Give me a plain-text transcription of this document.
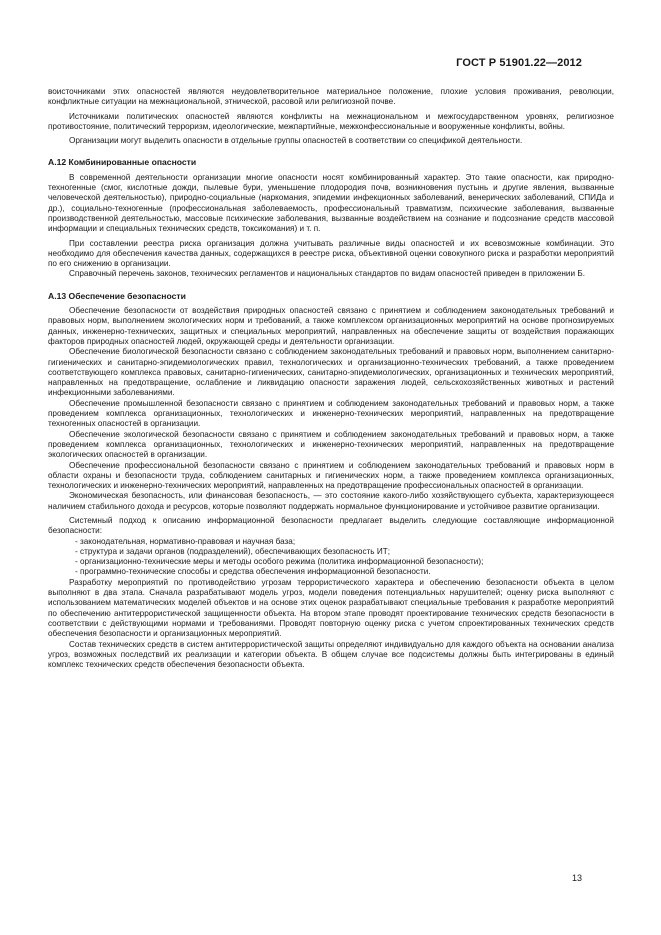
ГОСТ Р 51901.22—2012

воисточниками этих опасностей являются неудовлетворительное материальное положение, плохие условия проживания, революции, конфликтные ситуации на межнациональной, этнической, расовой или религиозной почве.

Источниками политических опасностей являются конфликты на межнациональном и межгосударственном уровнях, религиозное противостояние, политический терроризм, идеологические, межпартийные, межконфессиональные и вооруженные конфликты, войны.

Организации могут выделить опасности в отдельные группы опасностей в соответствии со спецификой деятельности.

А.12 Комбинированные опасности

В современной деятельности организации многие опасности носят комбинированный характер. Это такие опасности, как природно-техногенные (смог, кислотные дожди, пылевые бури, уменьшение плодородия почв, возникновения пустынь и другие явления, вызванные человеческой деятельностью), природно-социальные (наркомания, эпидемии инфекционных заболеваний, венерических заболеваний, СПИДа и др.), социально-техногенные (профессиональная заболеваемость, профессиональный травматизм, психические заболевания, вызванные производственной деятельностью, массовые психические заболевания, вызванные воздействием на сознание и подсознание средств массовой информации и специальных технических средств, токсикомания) и т. п.

При составлении реестра риска организация должна учитывать различные виды опасностей и их всевозможные комбинации. Это необходимо для обеспечения качества данных, содержащихся в реестре риска, объективной оценки совокупного риска и разработки мероприятий по его снижению в организации.

Справочный перечень законов, технических регламентов и национальных стандартов по видам опасностей приведен в приложении Б.

А.13 Обеспечение безопасности

Обеспечение безопасности от воздействия природных опасностей связано с принятием и соблюдением законодательных требований и правовых норм, выполнением экологических норм и требований, а также комплексом организационных мероприятий на основе прогнозируемых данных, инженерно-технических, защитных и специальных мероприятий, направленных на обеспечение защиты от воздействия поражающих факторов природных опасностей людей, окружающей среды и деятельности организации.

Обеспечение биологической безопасности связано с соблюдением законодательных требований и правовых норм, выполнением санитарно-гигиенических и санитарно-эпидемиологических правил, технологических и организационно-технических требований, а также проведением соответствующего комплекса правовых, санитарно-гигиенических, санитарно-эпидемиологических, организационных и технических мероприятий, направленных на предотвращение, ослабление и ликвидацию опасности заражения людей, сельскохозяйственных животных и растений инфекционными заболеваниями.

Обеспечение промышленной безопасности связано с принятием и соблюдением законодательных требований и правовых норм, а также проведением комплекса организационных, технологических и инженерно-технических мероприятий, направленных на предотвращение техногенных опасностей в организации.

Обеспечение экологической безопасности связано с принятием и соблюдением законодательных требований и правовых норм, а также проведением комплекса организационных, технологических и инженерно-технических мероприятий, направленных на предотвращение экологических опасностей в организации.

Обеспечение профессиональной безопасности связано с принятием и соблюдением законодательных требований и правовых норм в области охраны и безопасности труда, соблюдением санитарных и гигиенических норм, а также проведением комплекса организационных, технологических и инженерно-технических мероприятий, направленных на предотвращение профессиональных опасностей в организации.

Экономическая безопасность, или финансовая безопасность, — это состояние какого-либо хозяйствующего субъекта, характеризующееся наличием стабильного дохода и ресурсов, которые позволяют поддержать нормальное функционирование и устойчивое развитие организации.

Системный подход к описанию информационной безопасности предлагает выделить следующие составляющие информационной безопасности:

- законодательная, нормативно-правовая и научная база;
- структура и задачи органов (подразделений), обеспечивающих безопасность ИТ;
- организационно-технические меры и методы особого режима (политика информационной безопасности);
- программно-технические способы и средства обеспечения информационной безопасности.

Разработку мероприятий по противодействию угрозам террористического характера и обеспечению безопасности объекта в целом выполняют в два этапа. Сначала разрабатывают модель угроз, модели поведения потенциальных нарушителей; оценку риска выполняют с использованием математических моделей объектов и на основе этих оценок разрабатывают специальные требования к разработке мероприятий по обеспечению антитеррористической защищенности объекта. На втором этапе проводят проектирование технических средств безопасности в соответствии с действующими нормами и требованиями. Проводят повторную оценку риска с учетом спроектированных технических средств обеспечения безопасности и организационных мероприятий.

Состав технических средств в систем антитеррористической защиты определяют индивидуально для каждого объекта на основании анализа угроз, возможных последствий их реализации и категории объекта. В общем случае все подсистемы должны быть интегрированы в единый комплекс технических средств обеспечения безопасности объекта.

13
